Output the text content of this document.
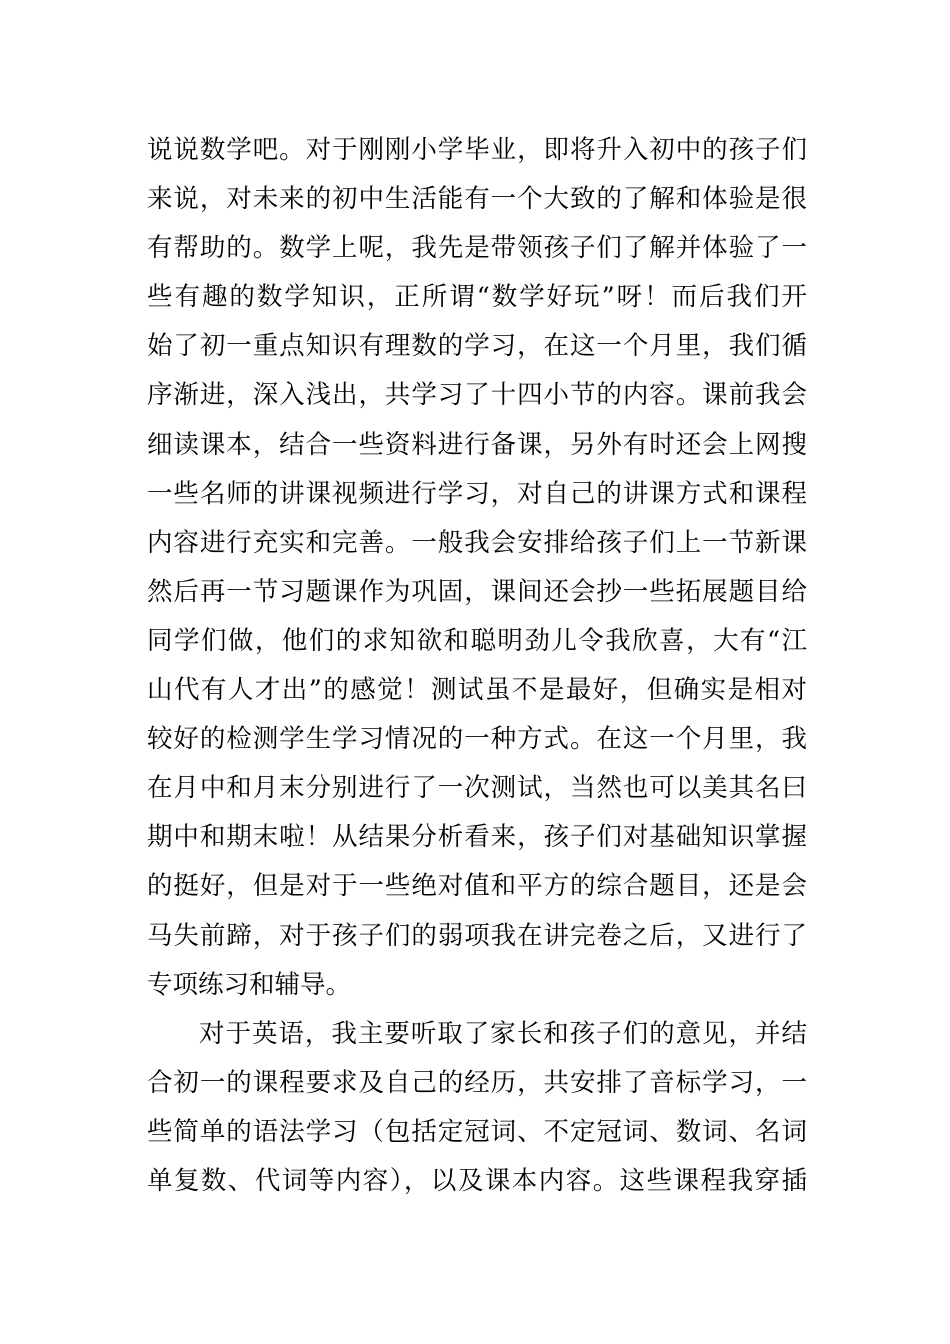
说说数学吧。对于刚刚小学毕业，即将升入初中的孩子们
来说，对未来的初中生活能有一个大致的了解和体验是很
有帮助的。数学上呢，我先是带领孩子们了解并体验了一
些有趣的数学知识，正所谓“数学好玩”呀！而后我们开
始了初一重点知识有理数的学习，在这一个月里，我们循
序渐进，深入浅出，共学习了十四小节的内容。课前我会
细读课本，结合一些资料进行备课，另外有时还会上网搜
一些名师的讲课视频进行学习，对自己的讲课方式和课程
内容进行充实和完善。一般我会安排给孩子们上一节新课
然后再一节习题课作为巩固，课间还会抄一些拓展题目给
同学们做，他们的求知欲和聪明劲儿令我欣喜，大有“江
山代有人才出”的感觉！测试虽不是最好，但确实是相对
较好的检测学生学习情况的一种方式。在这一个月里，我
在月中和月末分别进行了一次测试，当然也可以美其名曰
期中和期末啦！从结果分析看来，孩子们对基础知识掌握
的挺好，但是对于一些绝对值和平方的综合题目，还是会
马失前蹄，对于孩子们的弱项我在讲完卷之后，又进行了
专项练习和辅导。
对于英语，我主要听取了家长和孩子们的意见，并结
合初一的课程要求及自己的经历，共安排了音标学习，一
些简单的语法学习（包括定冠词、不定冠词、数词、名词
单复数、代词等内容），以及课本内容。这些课程我穿插
